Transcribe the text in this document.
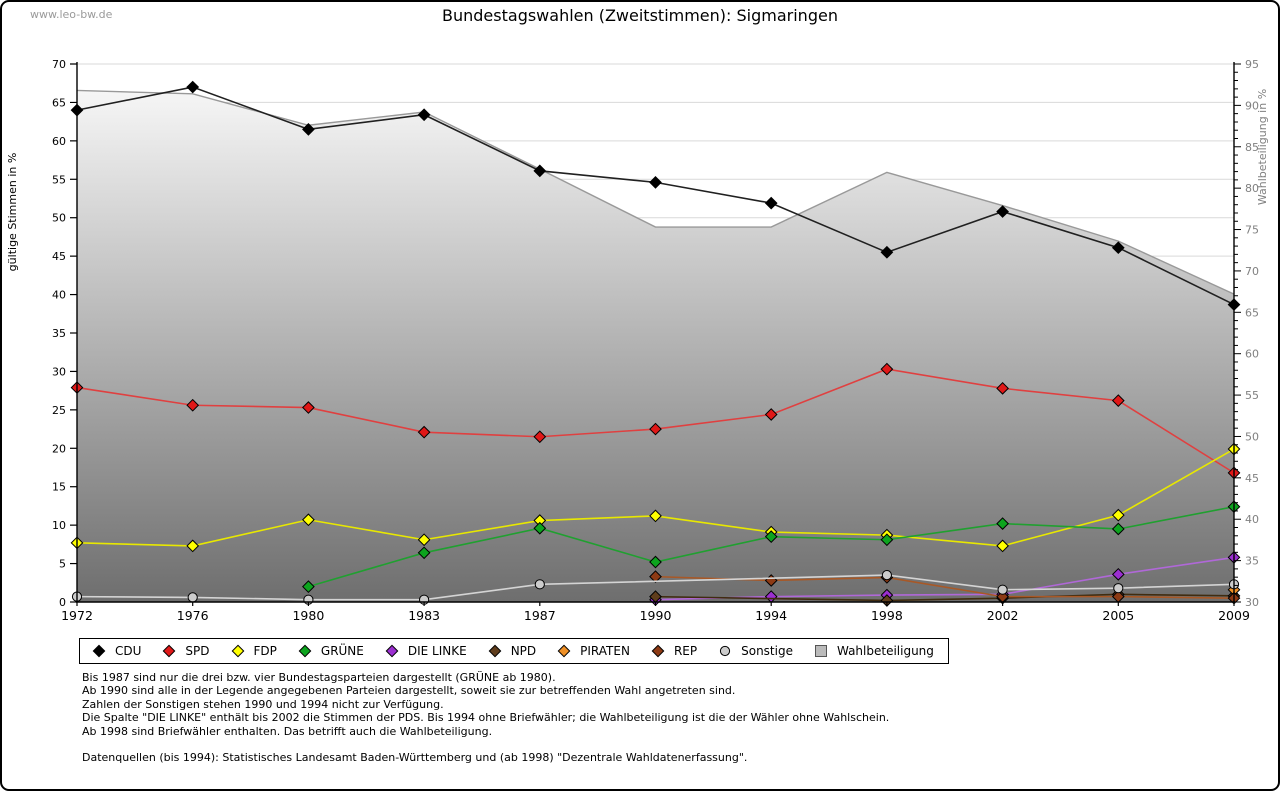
www.leo-bw.de	Bundestagswahlen (Zweitstimmen): Sigmaringen
0
5
10
15
20
25
30
35
40
45
50
55
60
65
70
30
35
40
45
50
55
60
65
70
75
80
85
90
95
1972	1976	1980	1983	1987	1990	1994	1998	2002	2005	2009
gültige Stimmen in %
Wahlbeteiligung in %
CDU	SPD	FDP	GRÜNE	DIE LINKE	NPD	PIRATEN	REP	Sonstige	Wahlbeteiligung
Bis 1987 sind nur die drei bzw. vier Bundestagsparteien dargestellt (GRÜNE ab 1980).
Ab 1990 sind alle in der Legende angegebenen Parteien dargestellt, soweit sie zur betreffenden Wahl angetreten sind.
Zahlen der Sonstigen stehen 1990 und 1994 nicht zur Verfügung.
Die Spalte "DIE LINKE" enthält bis 2002 die Stimmen der PDS. Bis 1994 ohne Briefwähler; die Wahlbeteiligung ist die der Wähler ohne Wahlschein.
Ab 1998 sind Briefwähler enthalten. Das betrifft auch die Wahlbeteiligung.
Datenquellen (bis 1994): Statistisches Landesamt Baden-Württemberg und (ab 1998) "Dezentrale Wahldatenerfassung".
